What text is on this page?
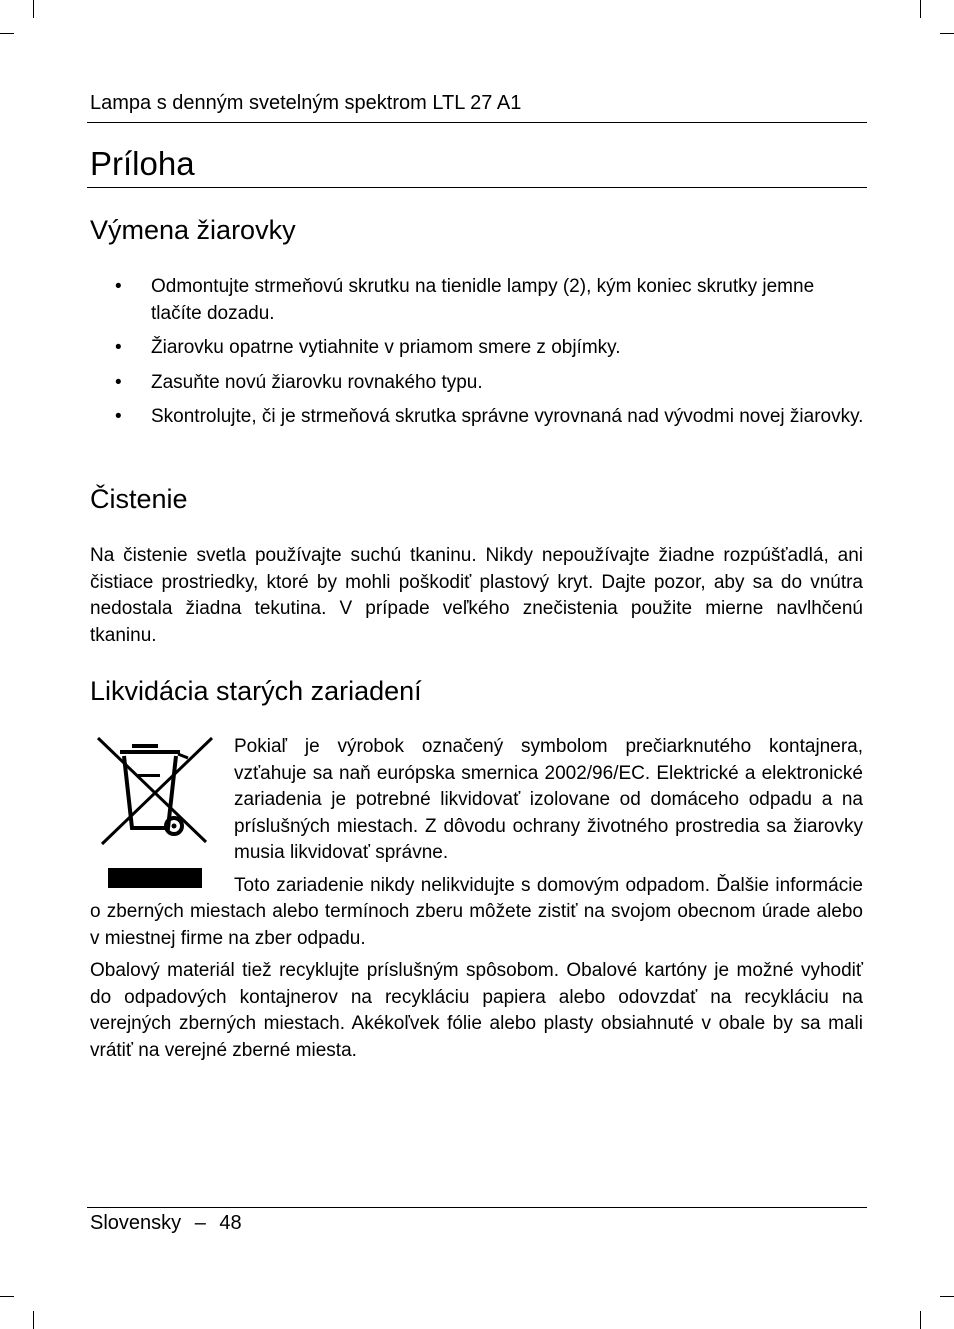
Lampa s denným svetelným spektrom LTL 27 A1
Príloha
Výmena žiarovky
• Odmontujte strmeňovú skrutku na tienidle lampy (2), kým koniec skrutky jemne tlačíte dozadu.
• Žiarovku opatrne vytiahnite v priamom smere z objímky.
• Zasuňte novú žiarovku rovnakého typu.
• Skontrolujte, či je strmeňová skrutka správne vyrovnaná nad vývodmi novej žiarovky.
Čistenie

Na čistenie svetla používajte suchú tkaninu. Nikdy nepoužívajte žiadne rozpúšťadlá, ani čistiace prostriedky, ktoré by mohli poškodiť plastový kryt. Dajte pozor, aby sa do vnútra nedostala žiadna tekutina. V prípade veľkého znečistenia použite mierne navlhčenú tkaninu.

Likvidácia starých zariadení

Pokiaľ je výrobok označený symbolom prečiarknutého kontajnera, vzťahuje sa naň európska smernica 2002/96/EC. Elektrické a elektronické zariadenia je potrebné likvidovať izolovane od domáceho odpadu a na príslušných miestach. Z dôvodu ochrany životného prostredia sa žiarovky musia likvidovať správne.

Toto zariadenie nikdy nelikvidujte s domovým odpadom. Ďalšie informácie o zberných miestach alebo termínoch zberu môžete zistiť na svojom obecnom úrade alebo v miestnej firme na zber odpadu.

Obalový materiál tiež recyklujte príslušným spôsobom. Obalové kartóny je možné vyhodiť do odpadových kontajnerov na recykláciu papiera alebo odovzdať na recykláciu na verejných zberných miestach. Akékoľvek fólie alebo plasty obsiahnuté v obale by sa mali vrátiť na verejné zberné miesta.

Slovensky – 48
